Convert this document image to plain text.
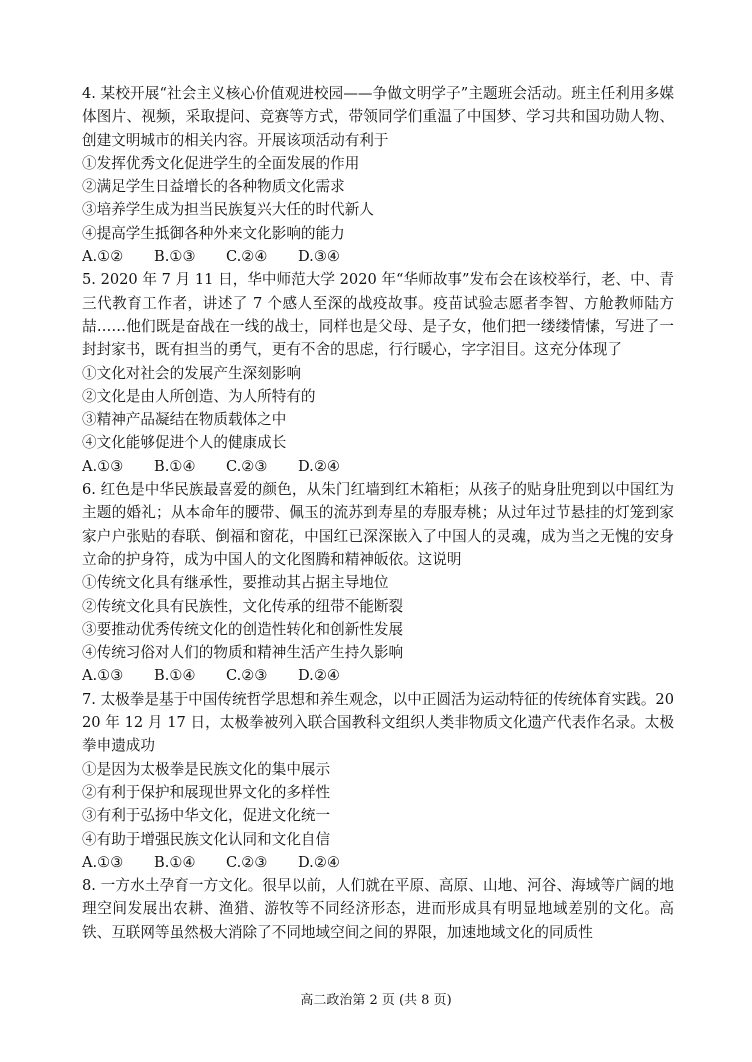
4. 某校开展“社会主义核心价值观进校园——争做文明学子”主题班会活动。班主任利用多媒体图片、视频，采取提问、竞赛等方式，带领同学们重温了中国梦、学习共和国功勋人物、创建文明城市的相关内容。开展该项活动有利于

①发挥优秀文化促进学生的全面发展的作用

②满足学生日益增长的各种物质文化需求

③培养学生成为担当民族复兴大任的时代新人

④提高学生抵御各种外来文化影响的能力

A.①②	B.①③	C.②④	D.③④

5. 2020 年 7 月 11 日，华中师范大学 2020 年“华师故事”发布会在该校举行，老、中、青三代教育工作者，讲述了 7 个感人至深的战疫故事。疫苗试验志愿者李智、方舱教师陆方喆……他们既是奋战在一线的战士，同样也是父母、是子女，他们把一缕缕情愫，写进了一封封家书，既有担当的勇气，更有不舍的思虑，行行暖心，字字泪目。这充分体现了

①文化对社会的发展产生深刻影响

②文化是由人所创造、为人所特有的

③精神产品凝结在物质载体之中

④文化能够促进个人的健康成长

A.①③	B.①④	C.②③	D.②④

6. 红色是中华民族最喜爱的颜色，从朱门红墙到红木箱柜；从孩子的贴身肚兜到以中国红为主题的婚礼；从本命年的腰带、佩玉的流苏到寿星的寿服寿桃；从过年过节悬挂的灯笼到家家户户张贴的春联、倒福和窗花，中国红已深深嵌入了中国人的灵魂，成为当之无愧的安身立命的护身符，成为中国人的文化图腾和精神皈依。这说明

①传统文化具有继承性，要推动其占据主导地位

②传统文化具有民族性，文化传承的纽带不能断裂

③要推动优秀传统文化的创造性转化和创新性发展

④传统习俗对人们的物质和精神生活产生持久影响

A.①③	B.①④	C.②③	D.②④

7. 太极拳是基于中国传统哲学思想和养生观念，以中正圆活为运动特征的传统体育实践。2020 年 12 月 17 日，太极拳被列入联合国教科文组织人类非物质文化遗产代表作名录。太极拳申遗成功

①是因为太极拳是民族文化的集中展示

②有利于保护和展现世界文化的多样性

③有利于弘扬中华文化，促进文化统一

④有助于增强民族文化认同和文化自信

A.①③	B.①④	C.②③	D.②④

8. 一方水土孕育一方文化。很早以前，人们就在平原、高原、山地、河谷、海域等广阔的地理空间发展出农耕、渔猎、游牧等不同经济形态，进而形成具有明显地域差别的文化。高铁、互联网等虽然极大消除了不同地域空间之间的界限，加速地域文化的同质性

高二政治第 2 页 (共 8 页)
